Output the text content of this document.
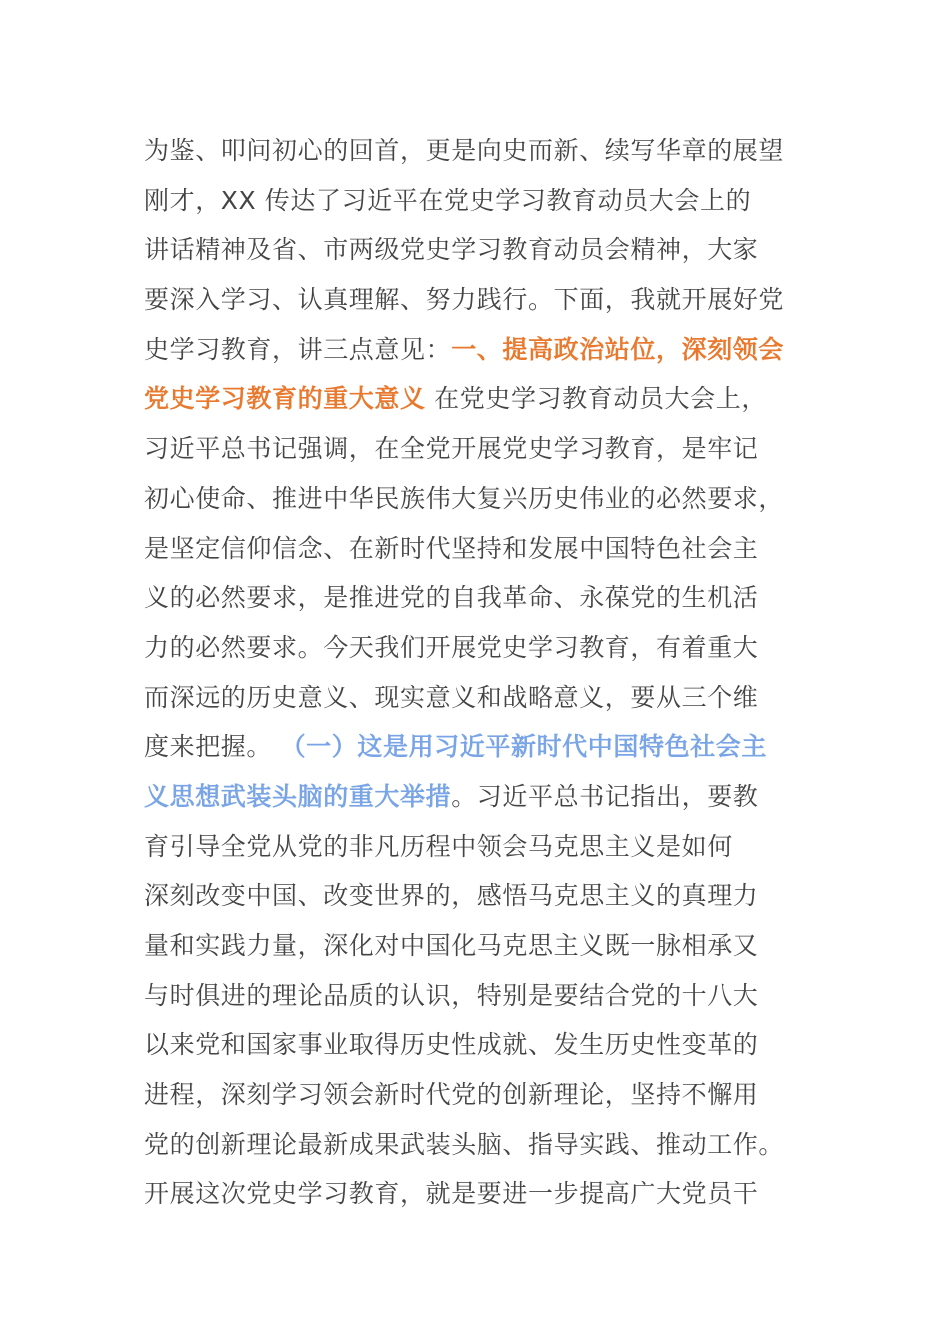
为鉴、叩问初心的回首，更是向史而新、续写华章的展望
刚才，XX 传达了习近平在党史学习教育动员大会上的
讲话精神及省、市两级党史学习教育动员会精神，大家
要深入学习、认真理解、努力践行。下面，我就开展好党
史学习教育，讲三点意见：一、提高政治站位，深刻领会
党史学习教育的重大意义 在党史学习教育动员大会上，
习近平总书记强调，在全党开展党史学习教育，是牢记
初心使命、推进中华民族伟大复兴历史伟业的必然要求，
是坚定信仰信念、在新时代坚持和发展中国特色社会主
义的必然要求，是推进党的自我革命、永葆党的生机活
力的必然要求。今天我们开展党史学习教育，有着重大
而深远的历史意义、现实意义和战略意义，要从三个维
度来把握。 （一）这是用习近平新时代中国特色社会主
义思想武装头脑的重大举措。习近平总书记指出，要教
育引导全党从党的非凡历程中领会马克思主义是如何
深刻改变中国、改变世界的，感悟马克思主义的真理力
量和实践力量，深化对中国化马克思主义既一脉相承又
与时俱进的理论品质的认识，特别是要结合党的十八大
以来党和国家事业取得历史性成就、发生历史性变革的
进程，深刻学习领会新时代党的创新理论，坚持不懈用
党的创新理论最新成果武装头脑、指导实践、推动工作。
开展这次党史学习教育，就是要进一步提高广大党员干
